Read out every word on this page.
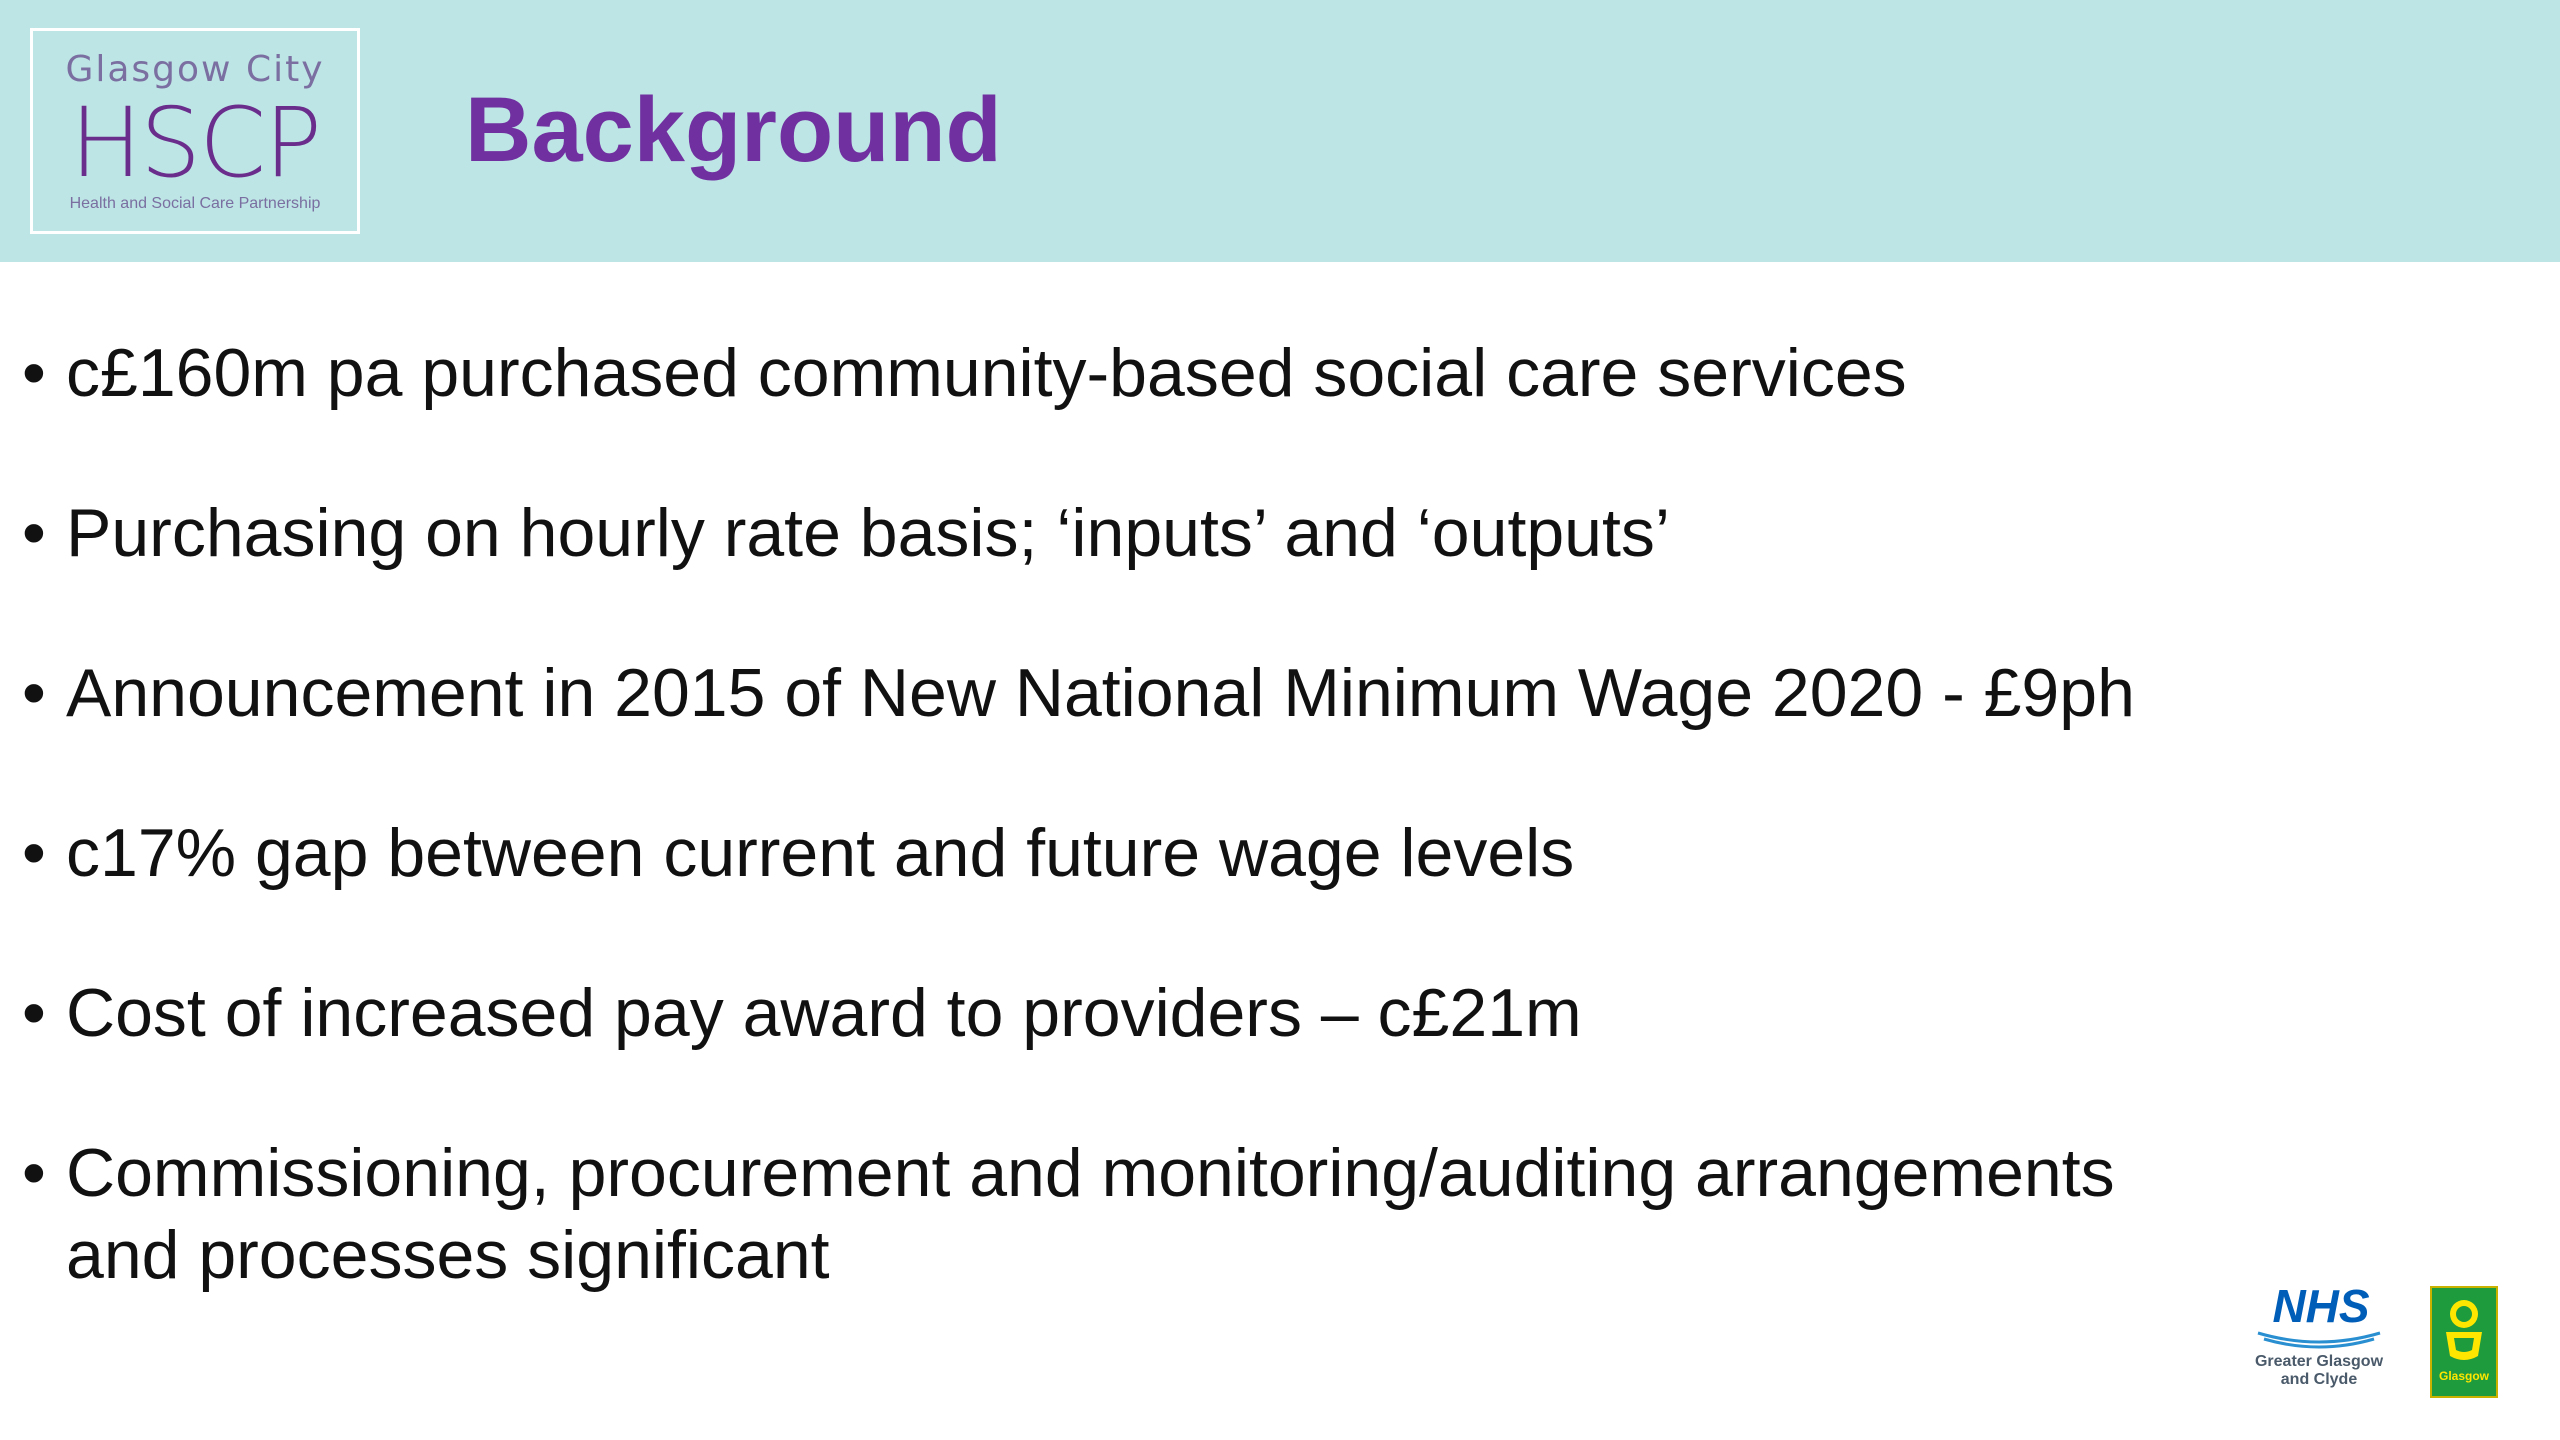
Glasgow City
HSCP
Health and Social Care Partnership
Background
• c£160m pa purchased community-based social care services
• Purchasing on hourly rate basis; ‘inputs’ and ‘outputs’
• Announcement in 2015 of New National Minimum Wage 2020 - £9ph
• c17% gap between current and future wage levels
• Cost of increased pay award to providers – c£21m
• Commissioning, procurement and monitoring/auditing arrangements
and processes significant
NHS
Greater Glasgow
and Clyde	Glasgow
